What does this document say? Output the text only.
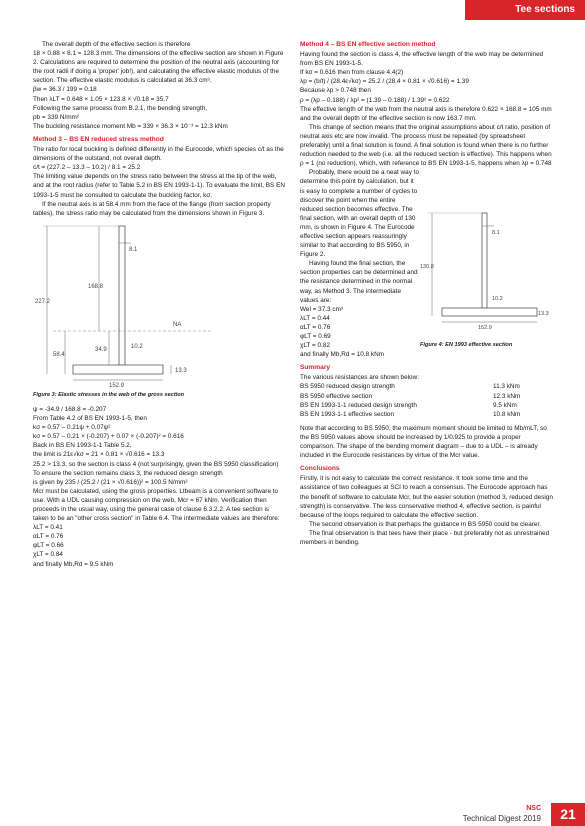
Tee sections

The overall depth of the effective section is therefore

18 × 0.88 × 8.1 = 128.3 mm. The dimensions of the effective section are shown in Figure 2. Calculations are required to determine the position of the neutral axis (accounting for the root radii if doing a 'proper' job!), and calculating the effective elastic modulus of the section. The effective elastic modulus is calculated at 36.3 cm³.

βw = 36.3 / 199 = 0.18

Then λLT = 0.648 × 1.05 × 123.8 × √0.18 = 35.7

Following the same process from B.2.1, the bending strength,

pb = 339 N/mm²

The buckling resistance moment Mb = 339 × 36.3 × 10⁻³ = 12.3 kNm

Method 3 – BS EN reduced stress method

The ratio for local buckling is defined differently in the Eurocode, which species c/t as the dimensions of the outstand, not overall depth.

c/t = (227.2 – 13.3 – 10.2) / 8.1 = 25.2

The limiting value depends on the stress ratio between the stress at the tip of the web, and at the root radius (refer to Table 5.2 in BS EN 1993-1-1). To evaluate the limit, BS EN 1993-1-5 must be consulted to calculate the buckling factor, kσ.

If the neutral axis is at 58.4 mm from the face of the flange (from section property tables), the stress ratio may be calculated from the dimensions shown in Figure 3.

227.2
168.8
58.4
34.9
8.1
NA
10.2
13.3
152.9
Figure 3: Elastic stresses in the web of the gross section

ψ = -34.9 / 168.8 = -0.207

From Table 4.2 of BS EN 1993-1-5, then

kσ = 0.57 – 0.21ψ + 0.07ψ²

kσ = 0.57 – 0.21 × (-0.207) + 0.07 × (-0.207)² = 0.616

Back in BS EN 1993-1-1 Table 5.2,

the limit is 21ε√kσ = 21 × 0.81 × √0.616 = 13.3

25.2 > 13.3, so the section is class 4 (not surprisingly, given the BS 5950 classification)

To ensure the section remains class 3, the reduced design strength

is given by 235 / (25.2 / (21 × √0.616))² = 100.5 N/mm²

Mcr must be calculated, using the gross properties. Ltbeam is a convenient software to use. With a UDL causing compression on the web, Mcr = 67 kNm. Verification then proceeds in the usual way, using the general case of clause 6.3.2.2. A tee section is taken to be an "other cross section" in Table 6.4. The intermediate values are therefore:

λLT = 0.41

αLT = 0.76

φLT = 0.66

χLT = 0.84

and finally Mb,Rd = 9.5 kNm

Method 4 – BS EN effective section method

Having found the section is class 4, the effective length of the web may be determined from BS EN 1993-1-5.

If kσ = 0.616 then from clause 4.4(2)

λp = (b/t) / (28.4ε√kσ) = 25.2 / (28.4 × 0.81 × √0.616) = 1.39

Because λp > 0.748 then

ρ = (λp – 0.188) / λp² = (1.39 – 0.188) / 1.39² = 0.622

The effective length of the web from the neutral axis is therefore 0.622 × 168.8 = 105 mm and the overall depth of the effective section is now 163.7 mm.

This change of section means that the original assumptions about c/t ratio, position of neutral axis etc are now invalid. The process must be repeated (by spreadsheet preferably) until a final solution is found. A final solution is found when there is no further reduction needed to the web (i.e. all the reduced section is effective). This happens when ρ = 1 (no reduction), which, with reference to BS EN 1993-1-5, happens when λp = 0.748

Probably, there would be a neat way to determine this point by calculation, but it is easy to complete a number of cycles to discover the point when the entire reduced section becomes effective. The final section, with an overall depth of 130 mm, is shown in Figure 4. The Eurocode effective section appears reassuringly similar to that according to BS 5950, in Figure 2.

Having found the final section, the section properties can be determined and the resistance determined in the normal way, as Method 3. The intermediate values are:

Wel = 37.3 cm³

λLT = 0.44

αLT = 0.76

φLT = 0.69

χLT = 0.82

and finally Mb,Rd = 10.8 kNm

130.8
8.1
10.2
13.3
152.9
Figure 4: EN 1993 effective section
Summary

The various resistances are shown below:

BS 5950 reduced design strength	11.3 kNm
BS 5950 effective section	12.3 kNm
BS EN 1993-1-1 reduced design strength	9.5 kNm
BS EN 1993-1-1 effective section	10.8 kNm

Note that according to BS 5950, the maximum moment should be limited to Mb/mLT, so the BS 5950 values above should be increased by 1/0.925 to provide a proper comparison. The shape of the bending moment diagram – due to a UDL – is already included in the Eurocode resistances by virtue of the Mcr value.

Conclusions

Firstly, it is not easy to calculate the correct resistance. It took some time and the assistance of two colleagues at SCI to reach a consensus. The Eurocode approach has the benefit of software to calculate Mcr, but the easier solution (method 3, reduced design strength) is conservative. The less conservative method 4, effective section, is painful because of the loops required to calculate the effective section.

The second observation is that perhaps the guidance in BS 5950 could be clearer.

The final observation is that tees have their place - but preferably not as unrestrained members in bending.

NSC
Technical Digest 2019	21
